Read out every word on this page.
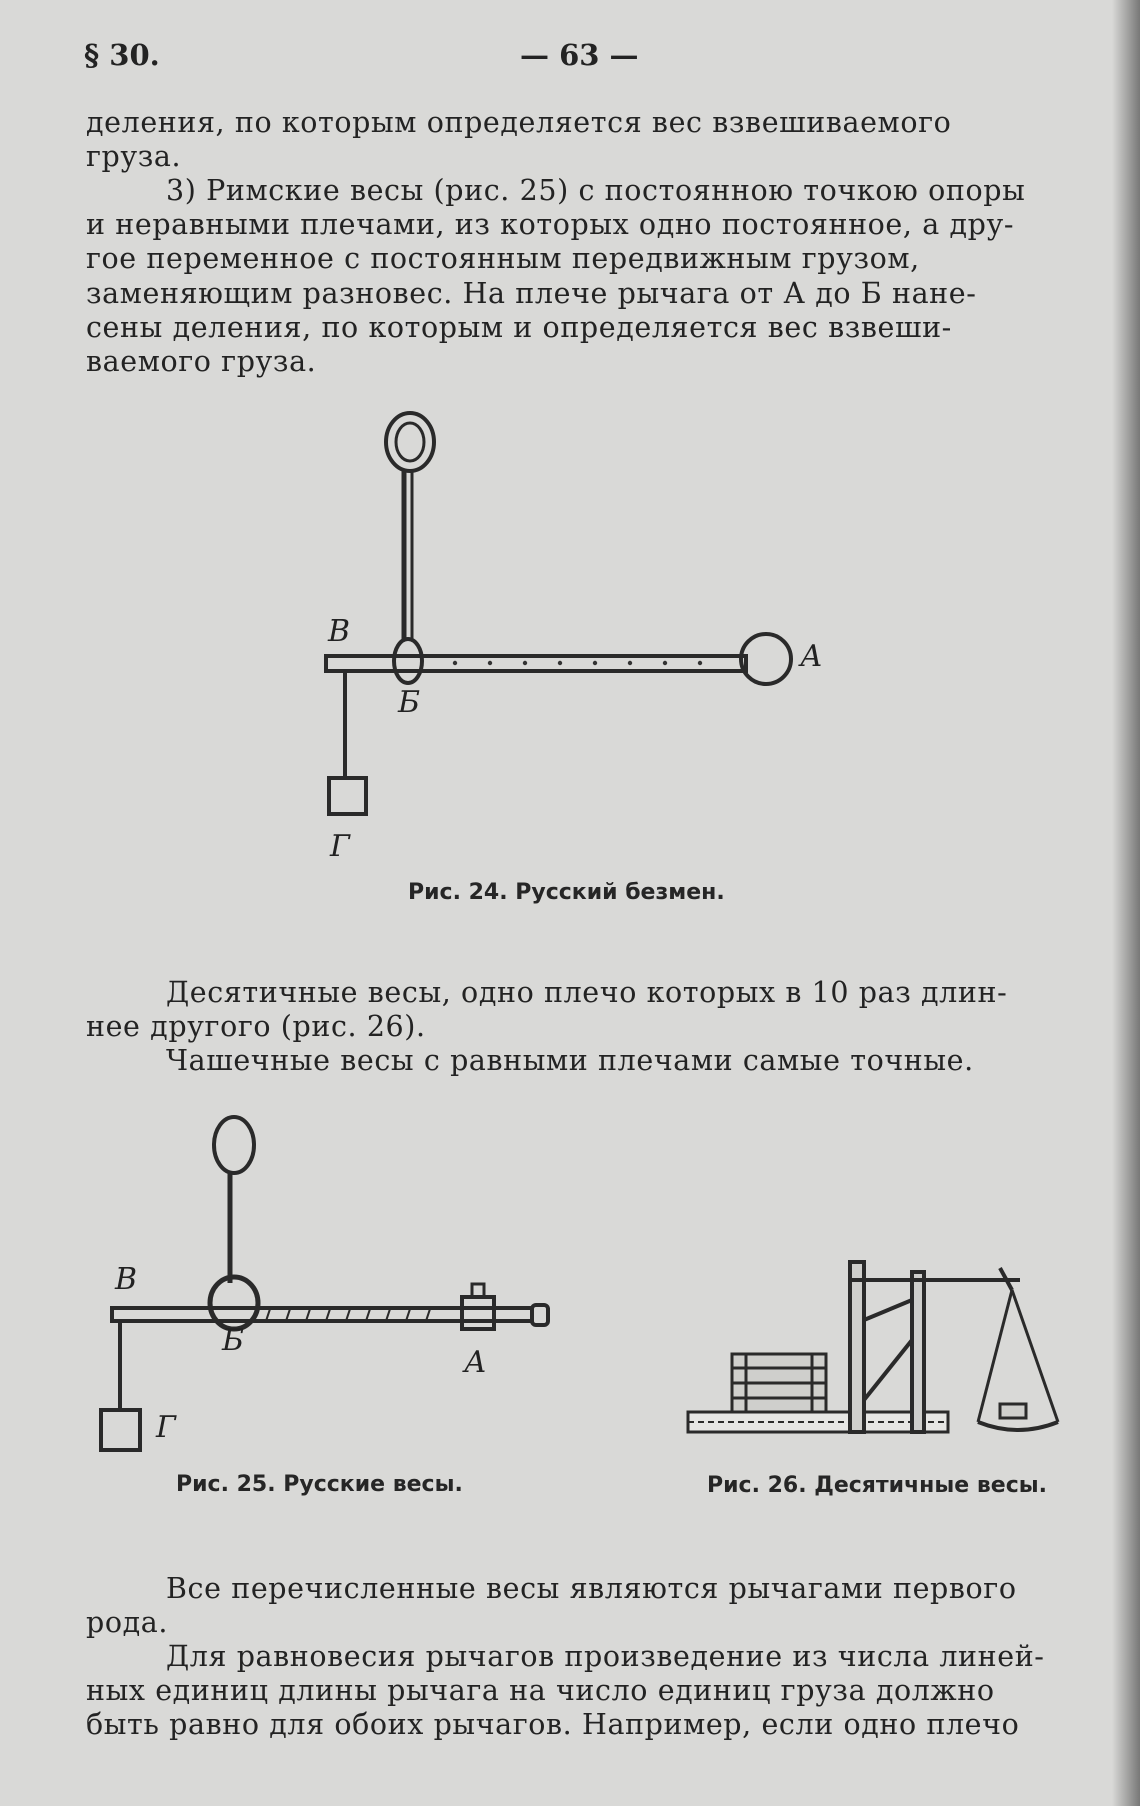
§ 30.	— 63 —

деления, по которым определяется вес взвешиваемого
груза.

3) Римские весы (рис. 25) с постоянною точкою опоры
и неравными плечами, из которых одно постоянное, а дру-
гое переменное с постоянным передвижным грузом,
заменяющим разновес. На плече рычага от А до Б нане-
сены деления, по которым и определяется вес взвеши-
ваемого груза.

В
А
Б
Г
Рис. 24. Русский безмен.

Десятичные весы, одно плечо которых в 10 раз длин-
нее другого (рис. 26).

Чашечные весы с равными плечами самые точные.

В
А
Б
Г
Рис. 25. Русские весы.	Рис. 26. Десятичные весы.

Все перечисленные весы являются рычагами первого
рода.

Для равновесия рычагов произведение из числа линей-
ных единиц длины рычага на число единиц груза должно
быть равно для обоих рычагов. Например, если одно плечо
